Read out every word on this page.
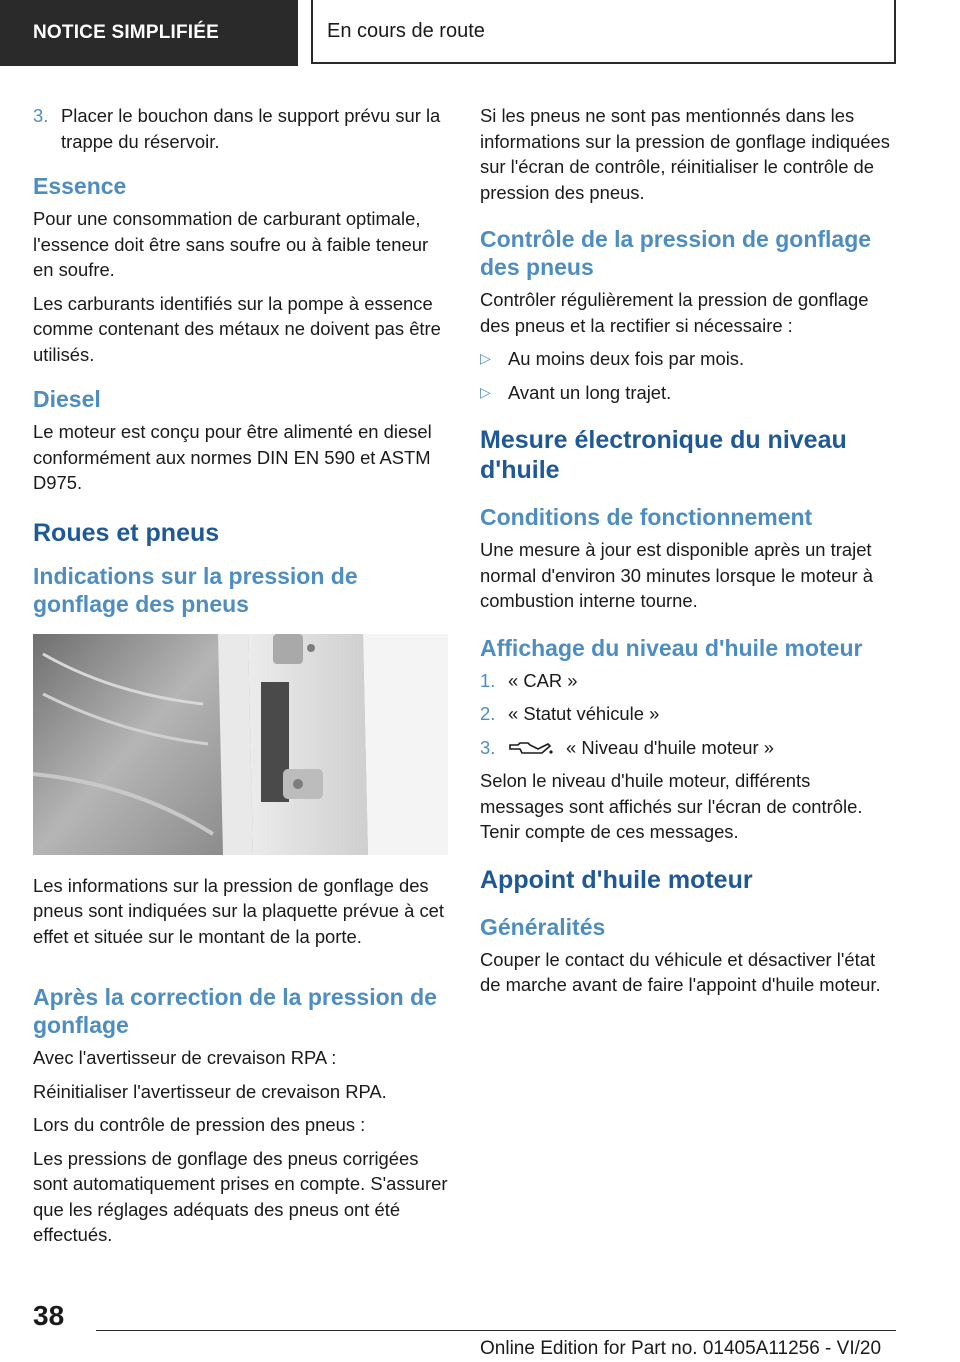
NOTICE SIMPLIFIÉE	En cours de route
3. Placer le bouchon dans le support prévu sur la trappe du réservoir.
Essence

Pour une consommation de carburant optimale, l'essence doit être sans soufre ou à faible teneur en soufre.

Les carburants identifiés sur la pompe à essence comme contenant des métaux ne doivent pas être utilisés.

Diesel

Le moteur est conçu pour être alimenté en diesel conformément aux normes DIN EN 590 et ASTM D975.

Roues et pneus
Indications sur la pression de gonflage des pneus

Les informations sur la pression de gonflage des pneus sont indiquées sur la plaquette prévue à cet effet et située sur le montant de la porte.

Après la correction de la pression de gonflage

Avec l'avertisseur de crevaison RPA :

Réinitialiser l'avertisseur de crevaison RPA.

Lors du contrôle de pression des pneus :

Les pressions de gonflage des pneus corrigées sont automatiquement prises en compte. S'assurer que les réglages adéquats des pneus ont été effectués.

Si les pneus ne sont pas mentionnés dans les informations sur la pression de gonflage indiquées sur l'écran de contrôle, réinitialiser le contrôle de pression des pneus.

Contrôle de la pression de gonflage des pneus

Contrôler régulièrement la pression de gonflage des pneus et la rectifier si nécessaire :

▷ Au moins deux fois par mois.
▷ Avant un long trajet.
Mesure électronique du niveau d'huile
Conditions de fonctionnement

Une mesure à jour est disponible après un trajet normal d'environ 30 minutes lorsque le moteur à combustion interne tourne.

Affichage du niveau d'huile moteur
1. « CAR »
2. « Statut véhicule »
3.	« Niveau d'huile moteur »

Selon le niveau d'huile moteur, différents messages sont affichés sur l'écran de contrôle. Tenir compte de ces messages.

Appoint d'huile moteur
Généralités

Couper le contact du véhicule et désactiver l'état de marche avant de faire l'appoint d'huile moteur.

38
Online Edition for Part no. 01405A11256 - VI/20
